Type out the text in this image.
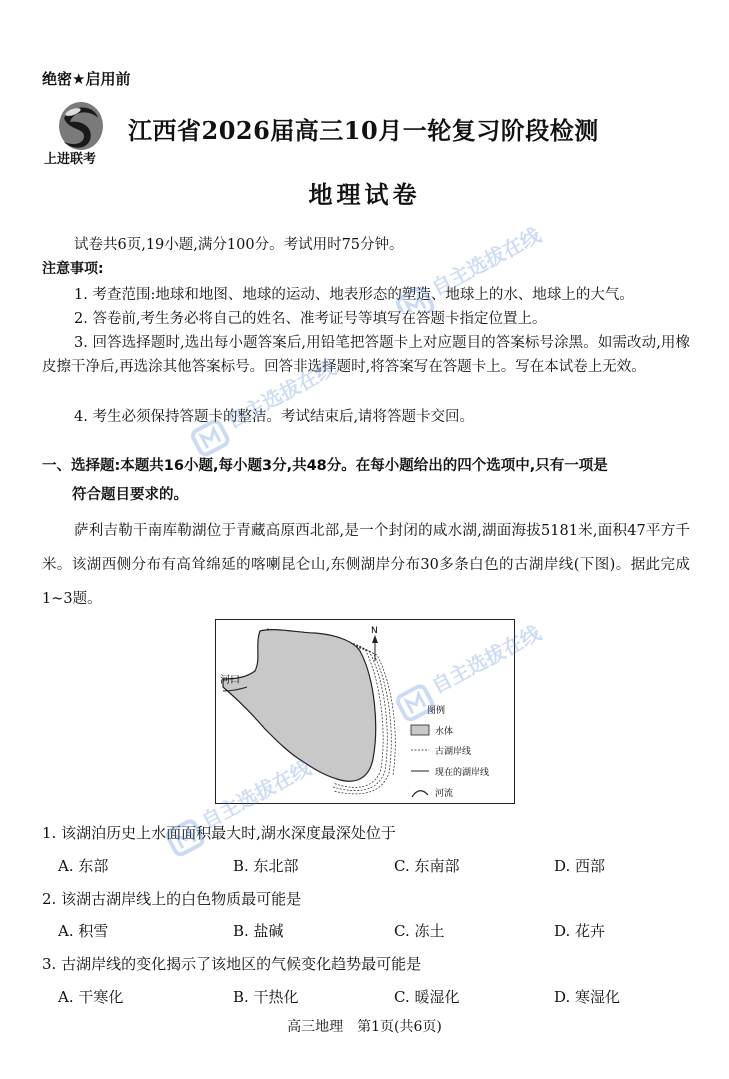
绝密★启用前
上进联考
江西省2026届高三10月一轮复习阶段检测
地理试卷
试卷共6页,19小题,满分100分。考试用时75分钟。
注意事项:
1. 考查范围:地球和地图、地球的运动、地表形态的塑造、地球上的水、地球上的大气。
2. 答卷前,考生务必将自己的姓名、准考证号等填写在答题卡指定位置上。
3. 回答选择题时,选出每小题答案后,用铅笔把答题卡上对应题目的答案标号涂黑。如需改动,用橡皮擦干净后,再选涂其他答案标号。回答非选择题时,将答案写在答题卡上。写在本试卷上无效。
4. 考生必须保持答题卡的整洁。考试结束后,请将答题卡交回。
一、选择题:本题共16小题,每小题3分,共48分。在每小题给出的四个选项中,只有一项是
符合题目要求的。
萨利吉勒干南库勒湖位于青藏高原西北部,是一个封闭的咸水湖,湖面海拔5181米,面积47平方千米。该湖西侧分布有高耸绵延的喀喇昆仑山,东侧湖岸分布30多条白色的古湖岸线(下图)。据此完成1~3题。
河口
N
图例
水体
古湖岸线
现在的湖岸线
河流
1. 该湖泊历史上水面面积最大时,湖水深度最深处位于
A. 东部	B. 东北部	C. 东南部	D. 西部
2. 该湖古湖岸线上的白色物质最可能是
A. 积雪	B. 盐碱	C. 冻土	D. 花卉
3. 古湖岸线的变化揭示了该地区的气候变化趋势最可能是
A. 干寒化	B. 干热化	C. 暖湿化	D. 寒湿化
高三地理　第1页(共6页)
自主选拔在线
自主选拔在线
自主选拔在线
自主选拔在线
